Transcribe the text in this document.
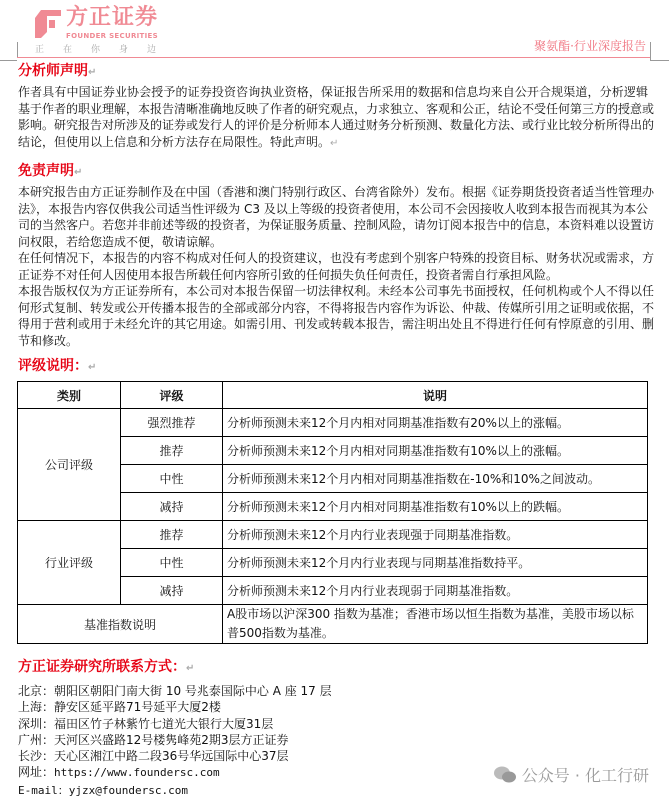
方正证券
FOUNDER SECURITIES
正在你身边	聚氨酯·行业深度报告
分析师声明↵
作者具有中国证券业协会授予的证券投资咨询执业资格，保证报告所采用的数据和信息均来自公开合规渠道，分析逻辑
基于作者的职业理解，本报告清晰准确地反映了作者的研究观点，力求独立、客观和公正，结论不受任何第三方的授意或
影响。研究报告对所涉及的证券或发行人的评价是分析师本人通过财务分析预测、数量化方法、或行业比较分析所得出的
结论，但使用以上信息和分析方法存在局限性。特此声明。↵
免责声明↵
本研究报告由方正证券制作及在中国（香港和澳门特别行政区、台湾省除外）发布。根据《证券期货投资者适当性管理办
法》，本报告内容仅供我公司适当性评级为 C3 及以上等级的投资者使用，本公司不会因接收人收到本报告而视其为本公
司的当然客户。若您并非前述等级的投资者，为保证服务质量、控制风险，请勿订阅本报告中的信息，本资料难以设置访
问权限，若给您造成不便，敬请谅解。
在任何情况下，本报告的内容不构成对任何人的投资建议，也没有考虑到个别客户特殊的投资目标、财务状况或需求，方
正证券不对任何人因使用本报告所载任何内容所引致的任何损失负任何责任，投资者需自行承担风险。
本报告版权仅为方正证券所有，本公司对本报告保留一切法律权利。未经本公司事先书面授权，任何机构或个人不得以任
何形式复制、转发或公开传播本报告的全部或部分内容，不得将报告内容作为诉讼、仲裁、传媒所引用之证明或依据，不
得用于营利或用于未经允许的其它用途。如需引用、刊发或转载本报告，需注明出处且不得进行任何有悖原意的引用、删
节和修改。
评级说明：↵
类别	评级	说明
公司评级	强烈推荐	分析师预测未来12个月内相对同期基准指数有20%以上的涨幅。
	推荐	分析师预测未来12个月内相对同期基准指数有10%以上的涨幅。
	中性	分析师预测未来12个月内相对同期基准指数在-10%和10%之间波动。
	减持	分析师预测未来12个月内相对同期基准指数有10%以上的跌幅。
行业评级	推荐	分析师预测未来12个月内行业表现强于同期基准指数。
	中性	分析师预测未来12个月内行业表现与同期基准指数持平。
	减持	分析师预测未来12个月内行业表现弱于同期基准指数。
基准指数说明		A股市场以沪深300 指数为基准；香港市场以恒生指数为基准，美股市场以标普500指数为基准。
方正证券研究所联系方式：↵
北京：朝阳区朝阳门南大街 10 号兆泰国际中心 A 座 17 层
上海：静安区延平路71号延平大厦2楼
深圳：福田区竹子林紫竹七道光大银行大厦31层
广州：天河区兴盛路12号楼隽峰苑2期3层方正证券
长沙：天心区湘江中路二段36号华远国际中心37层
网址：https://www.foundersc.com
E-mail：yjzx@foundersc.com
公众号 · 化工行研
